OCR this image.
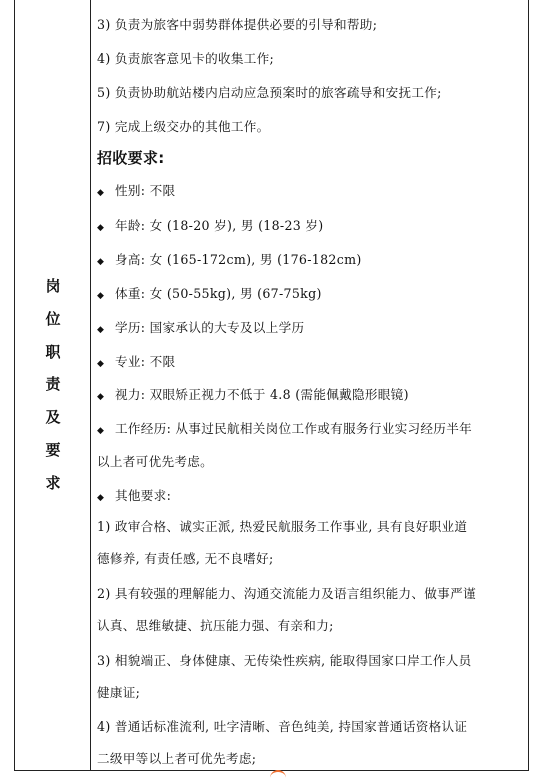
岗
位
职
责
及
要
求
3) 负责为旅客中弱势群体提供必要的引导和帮助;
4) 负责旅客意见卡的收集工作;
5) 负责协助航站楼内启动应急预案时的旅客疏导和安抚工作;
7) 完成上级交办的其他工作。
招收要求:
◆ 性别: 不限
◆ 年龄: 女 (18-20 岁), 男 (18-23 岁)
◆ 身高: 女 (165-172cm), 男 (176-182cm)
◆ 体重: 女 (50-55kg), 男 (67-75kg)
◆ 学历: 国家承认的大专及以上学历
◆ 专业: 不限
◆ 视力: 双眼矫正视力不低于 4.8 (需能佩戴隐形眼镜)
◆ 工作经历: 从事过民航相关岗位工作或有服务行业实习经历半年
以上者可优先考虑。
◆ 其他要求:
1) 政审合格、诚实正派, 热爱民航服务工作事业, 具有良好职业道
德修养, 有责任感, 无不良嗜好;
2) 具有较强的理解能力、沟通交流能力及语言组织能力、做事严谨
认真、思维敏捷、抗压能力强、有亲和力;
3) 相貌端正、身体健康、无传染性疾病, 能取得国家口岸工作人员
健康证;
4) 普通话标准流利, 吐字清晰、音色纯美, 持国家普通话资格认证
二级甲等以上者可优先考虑;
